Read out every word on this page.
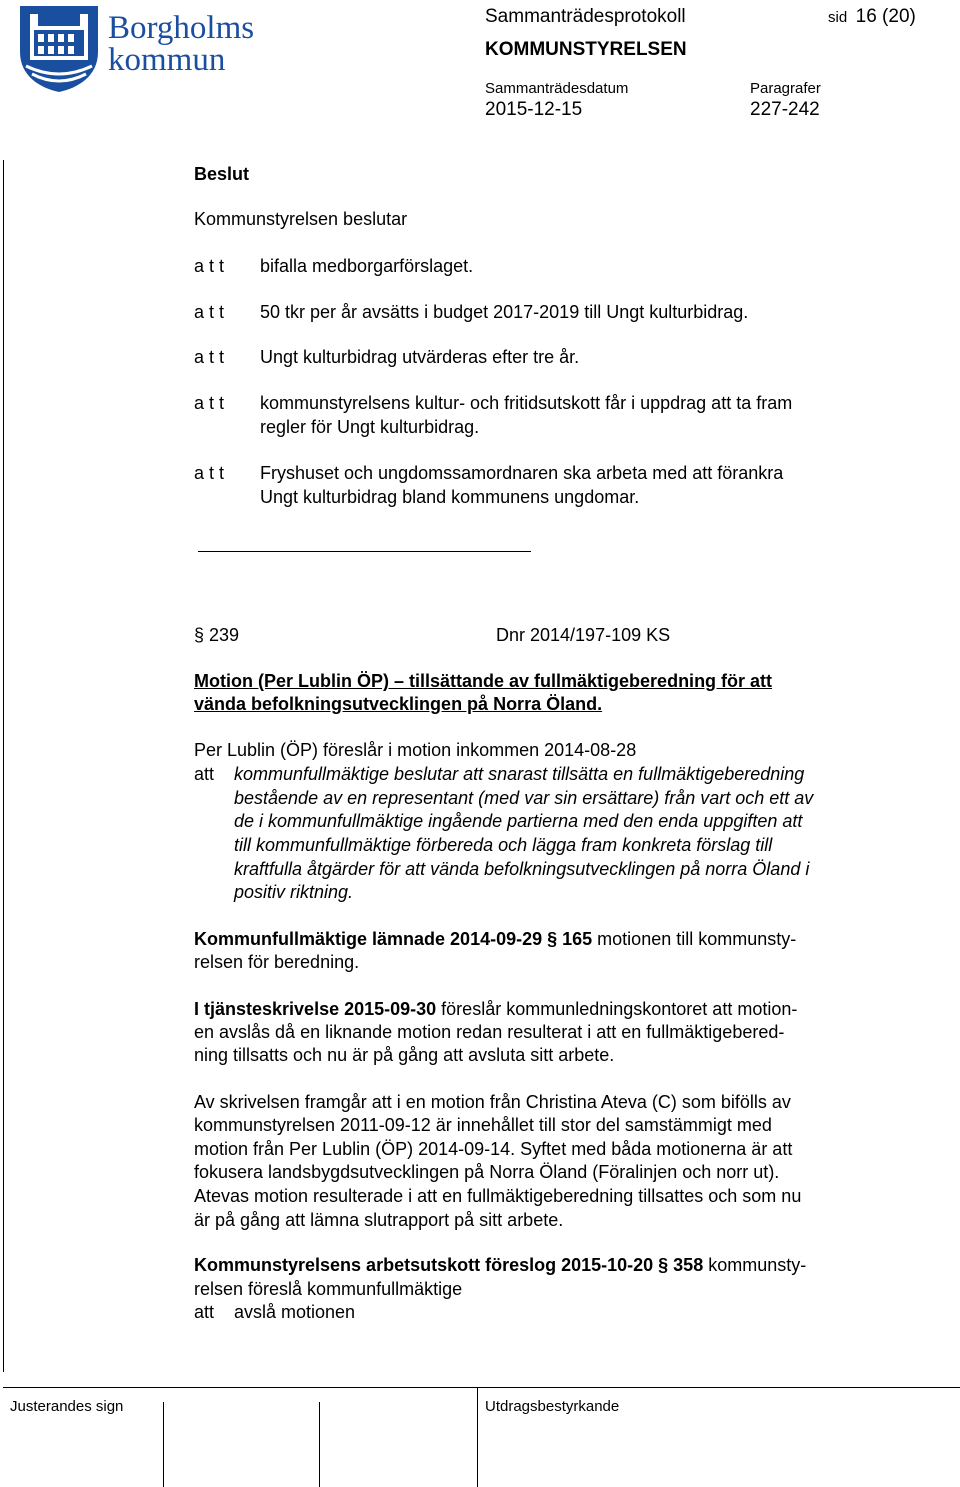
Borgholms
kommun
Sammanträdesprotokoll	sid 16 (20)
KOMMUNSTYRELSEN
Sammanträdesdatum
2015-12-15
Paragrafer
227-242
Beslut
Kommunstyrelsen beslutar
a t t bifalla medborgarförslaget.
a t t 50 tkr per år avsätts i budget 2017-2019 till Ungt kulturbidrag.
a t t Ungt kulturbidrag utvärderas efter tre år.
a t t kommunstyrelsens kultur- och fritidsutskott får i uppdrag att ta fram
regler för Ungt kulturbidrag.
a t t Fryshuset och ungdomssamordnaren ska arbeta med att förankra
Ungt kulturbidrag bland kommunens ungdomar.
§ 239	Dnr 2014/197-109 KS
Motion (Per Lublin ÖP) – tillsättande av fullmäktigeberedning för att
vända befolkningsutvecklingen på Norra Öland.
Per Lublin (ÖP) föreslår i motion inkommen 2014-08-28
att kommunfullmäktige beslutar att snarast tillsätta en fullmäktigeberedning
bestående av en representant (med var sin ersättare) från vart och ett av
de i kommunfullmäktige ingående partierna med den enda uppgiften att
till kommunfullmäktige förbereda och lägga fram konkreta förslag till
kraftfulla åtgärder för att vända befolkningsutvecklingen på norra Öland i
positiv riktning.
Kommunfullmäktige lämnade 2014-09-29 § 165 motionen till kommunsty-
relsen för beredning.
I tjänsteskrivelse 2015-09-30 föreslår kommunledningskontoret att motion-
en avslås då en liknande motion redan resulterat i att en fullmäktigebered-
ning tillsatts och nu är på gång att avsluta sitt arbete.
Av skrivelsen framgår att i en motion från Christina Ateva (C) som bifölls av
kommunstyrelsen 2011-09-12 är innehållet till stor del samstämmigt med
motion från Per Lublin (ÖP) 2014-09-14. Syftet med båda motionerna är att
fokusera landsbygdsutvecklingen på Norra Öland (Föralinjen och norr ut).
Atevas motion resulterade i att en fullmäktigeberedning tillsattes och som nu
är på gång att lämna slutrapport på sitt arbete.
Kommunstyrelsens arbetsutskott föreslog 2015-10-20 § 358 kommunsty-
relsen föreslå kommunfullmäktige
att avslå motionen
Justerandes sign	Utdragsbestyrkande
